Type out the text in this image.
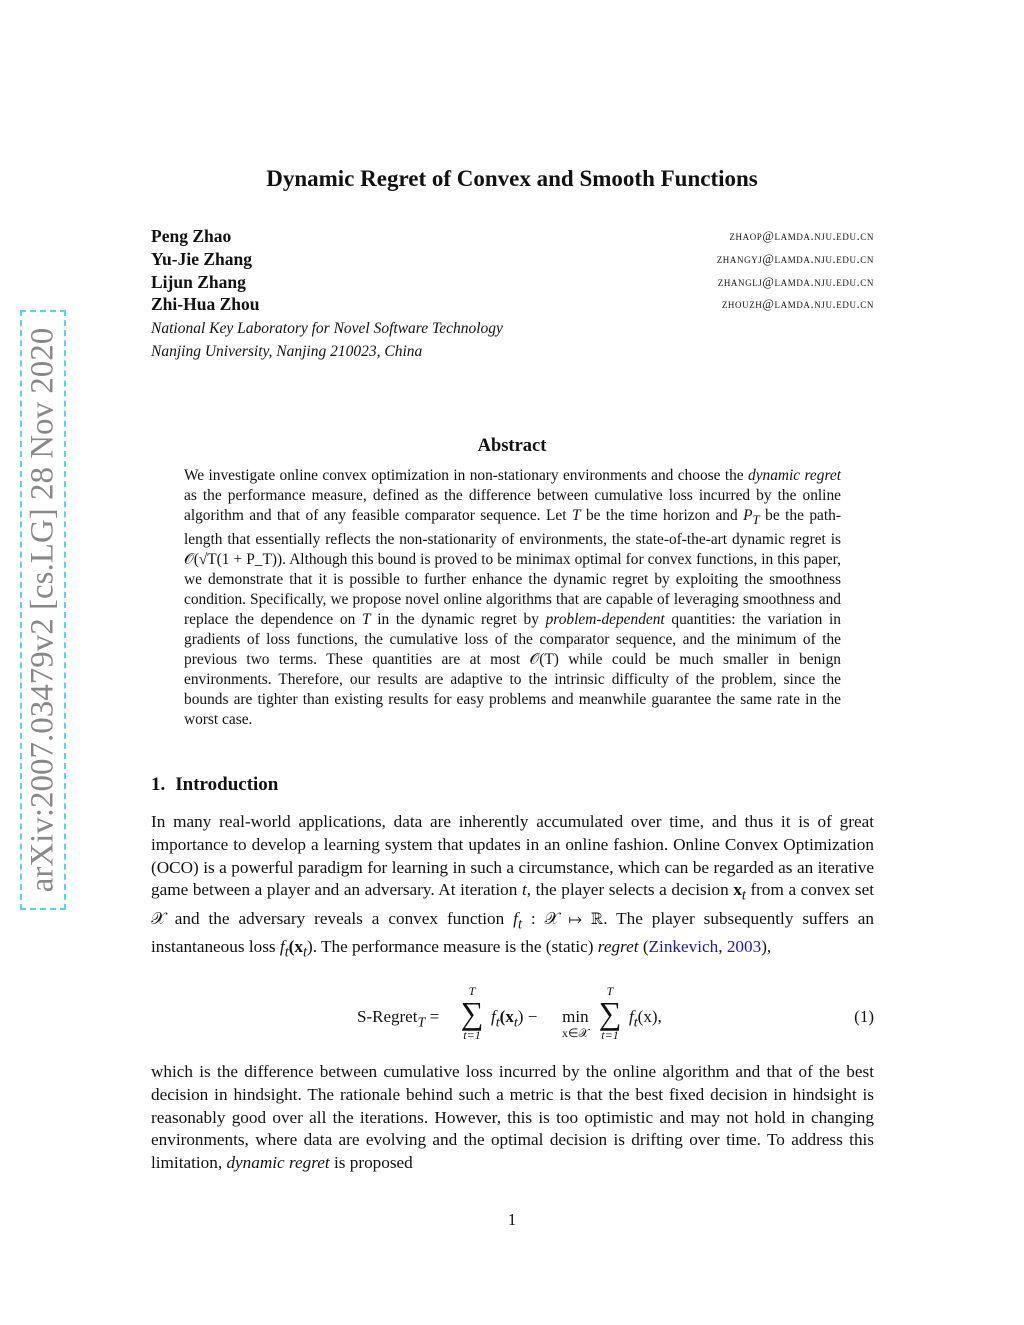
arXiv:2007.03479v2 [cs.LG] 28 Nov 2020
Dynamic Regret of Convex and Smooth Functions
Peng Zhao	zhaop@lamda.nju.edu.cn
Yu-Jie Zhang	zhangyj@lamda.nju.edu.cn
Lijun Zhang	zhanglj@lamda.nju.edu.cn
Zhi-Hua Zhou	zhouzh@lamda.nju.edu.cn
National Key Laboratory for Novel Software Technology
Nanjing University, Nanjing 210023, China
Abstract

We investigate online convex optimization in non-stationary environments and choose the dynamic regret as the performance measure, defined as the difference between cumulative loss incurred by the online algorithm and that of any feasible comparator sequence. Let T be the time horizon and $P_T$ be the path-length that essentially reflects the non-stationarity of environments, the state-of-the-art dynamic regret is 𝒪(√T(1 + P_T)). Although this bound is proved to be minimax optimal for convex functions, in this paper, we demonstrate that it is possible to further enhance the dynamic regret by exploiting the smoothness condition. Specifically, we propose novel online algorithms that are capable of leveraging smoothness and replace the dependence on T in the dynamic regret by problem-dependent quantities: the variation in gradients of loss functions, the cumulative loss of the comparator sequence, and the minimum of the previous two terms. These quantities are at most 𝒪(T) while could be much smaller in benign environments. Therefore, our results are adaptive to the intrinsic difficulty of the problem, since the bounds are tighter than existing results for easy problems and meanwhile guarantee the same rate in the worst case.

1. Introduction

In many real-world applications, data are inherently accumulated over time, and thus it is of great importance to develop a learning system that updates in an online fashion. Online Convex Optimization (OCO) is a powerful paradigm for learning in such a circumstance, which can be regarded as an iterative game between a player and an adversary. At iteration t, the player selects a decision $x_t$ from a convex set 𝒳 and the adversary reveals a convex function $f_t$ : 𝒳 ↦ ℝ. The player subsequently suffers an instantaneous loss $f_t(x_t)$. The performance measure is the (static) regret (Zinkevich, 2003),

S-Regret$_T$ =
T
∑
t=1
$f_t(x_t) - \min$
x∈𝒳
T
∑
t=1
$f_t(x)$,	(1)

which is the difference between cumulative loss incurred by the online algorithm and that of the best decision in hindsight. The rationale behind such a metric is that the best fixed decision in hindsight is reasonably good over all the iterations. However, this is too optimistic and may not hold in changing environments, where data are evolving and the optimal decision is drifting over time. To address this limitation, dynamic regret is proposed

1
